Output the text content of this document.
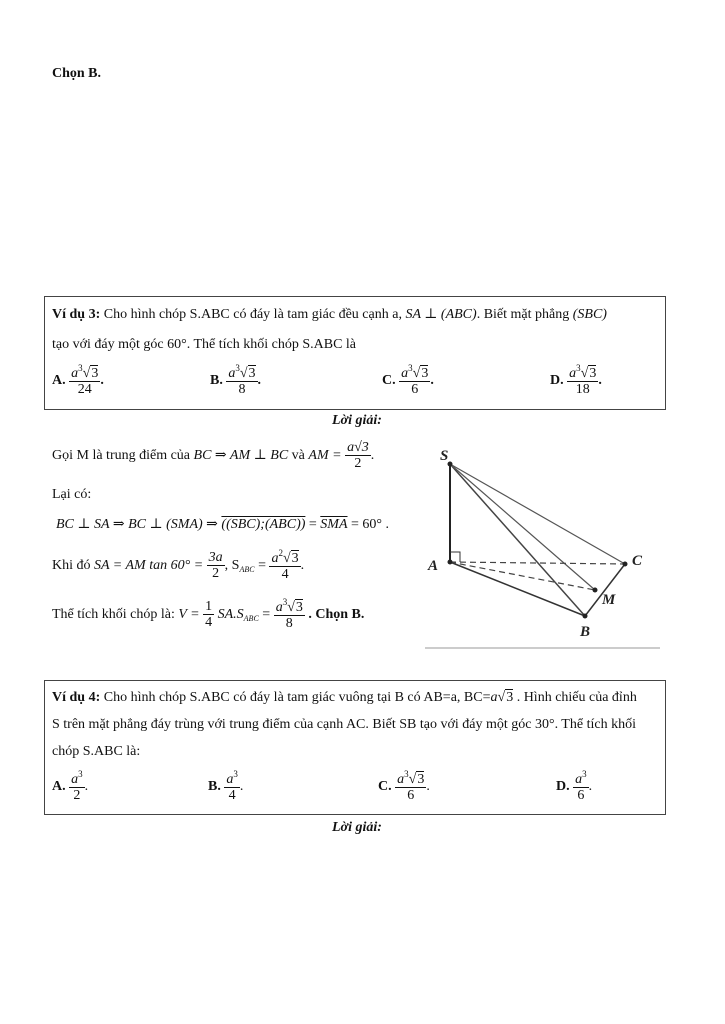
Chọn B.
Ví dụ 3: Cho hình chóp S.ABC có đáy là tam giác đều cạnh a, SA ⊥ (ABC). Biết mặt phẳng (SBC)
tạo với đáy một góc 60°. Thể tích khối chóp S.ABC là
A. $\frac{a^3√3}{24}$ .	B. $\frac{a^3√3}{8}$ .	C. $\frac{a^3√3}{6}$ .	D. $\frac{a^3√3}{18}$ .
Lời giải:
Gọi M là trung điểm của BC ⇒ AM ⊥ BC và AM = $\frac{a√3}{2}$ .
Lại có:
BC ⊥ SA ⇒ BC ⊥ (SMA) ⇒ ((SBC);(ABC)) = $\overline{SMA} = 60^\circ$ .
Khi đó SA = AM $\tan 60^\circ = \frac{3a}{2}$ , $S_{ABC} = \frac{a^2√3}{4}$ .
Thể tích khối chóp là: $V = \frac{1}{4} SA.S_{ABC} = \frac{a^3√3}{8}$ . Chọn B.
S
A
B
C
M
Ví dụ 4: Cho hình chóp S.ABC có đáy là tam giác vuông tại B có AB=a, BC=a√3 . Hình chiếu của đỉnh
S trên mặt phẳng đáy trùng với trung điểm của cạnh AC. Biết SB tạo với đáy một góc 30°. Thể tích khối
chóp S.ABC là:
A. $\frac{a^3}{2}$ .	B. $\frac{a^3}{4}$ .	C. $\frac{a^3√3}{6}$ .	D. $\frac{a^3}{6}$ .
Lời giải:
